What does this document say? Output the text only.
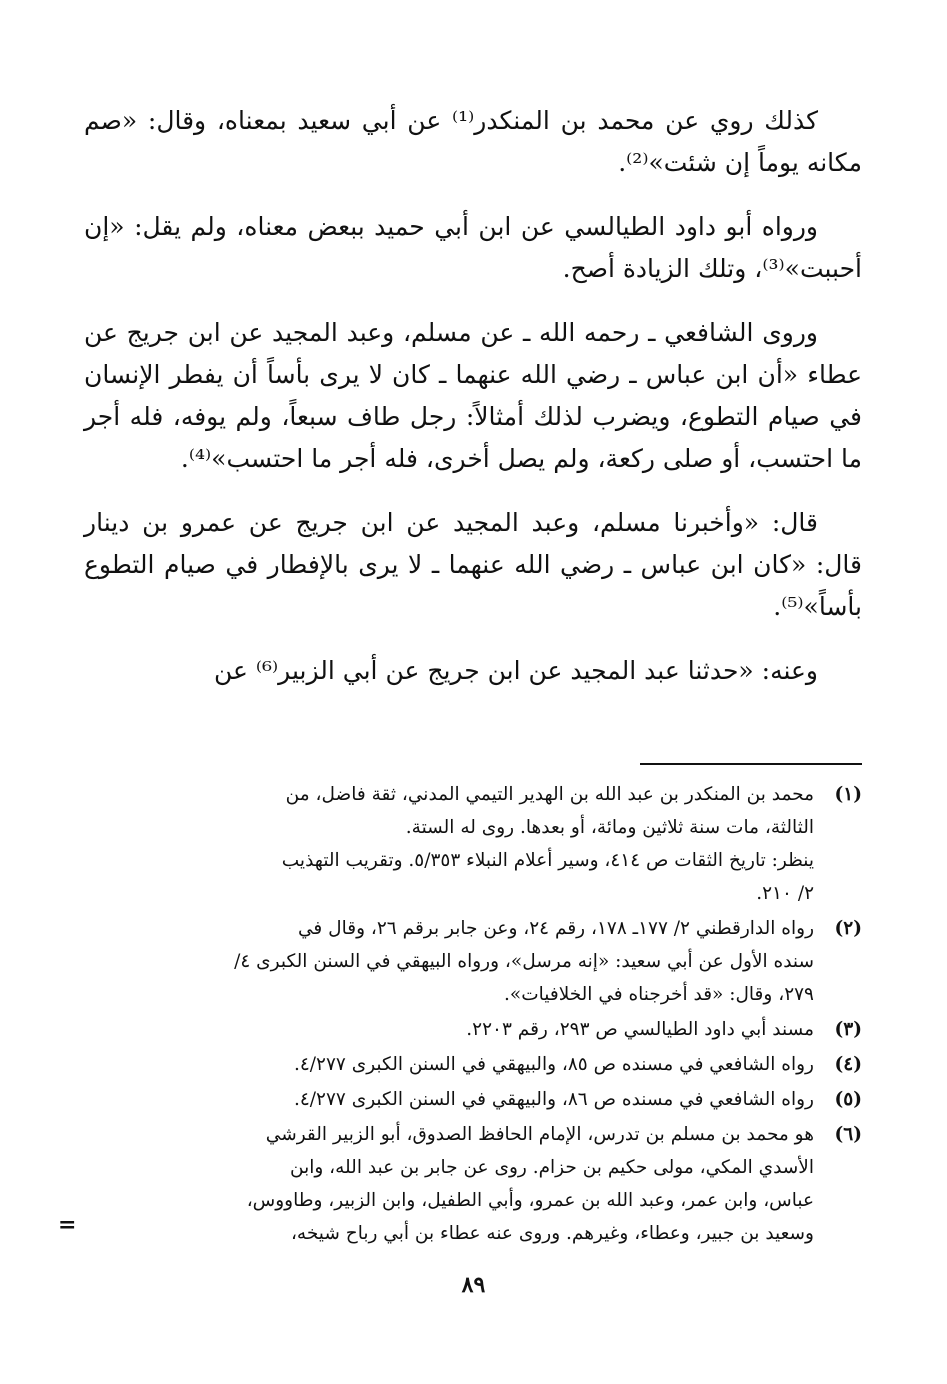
كذلك روي عن محمد بن المنكدر⁽¹⁾ عن أبي سعيد بمعناه، وقال: «صم مكانه يوماً إن شئت»⁽²⁾.

ورواه أبو داود الطيالسي عن ابن أبي حميد ببعض معناه، ولم يقل: «إن أحببت»⁽³⁾، وتلك الزيادة أصح.

وروى الشافعي ـ رحمه الله ـ عن مسلم، وعبد المجيد عن ابن جريج عن عطاء «أن ابن عباس ـ رضي الله عنهما ـ كان لا يرى بأساً أن يفطر الإنسان في صيام التطوع، ويضرب لذلك أمثالاً: رجل طاف سبعاً، ولم يوفه، فله أجر ما احتسب، أو صلى ركعة، ولم يصل أخرى، فله أجر ما احتسب»⁽⁴⁾.

قال: «وأخبرنا مسلم، وعبد المجيد عن ابن جريج عن عمرو بن دينار قال: «كان ابن عباس ـ رضي الله عنهما ـ لا يرى بالإفطار في صيام التطوع بأساً»⁽⁵⁾.

وعنه: «حدثنا عبد المجيد عن ابن جريج عن أبي الزبير⁽⁶⁾ عن

(١)
محمد بن المنكدر بن عبد الله بن الهدير التيمي المدني، ثقة فاضل، من
الثالثة، مات سنة ثلاثين ومائة، أو بعدها. روى له الستة.
ينظر: تاريخ الثقات ص ٤١٤، وسير أعلام النبلاء ٥/٣٥٣. وتقريب التهذيب
٢/ ٢١٠.
(٢)
رواه الدارقطني ٢/ ١٧٧ـ ١٧٨، رقم ٢٤، وعن جابر برقم ٢٦، وقال في
سنده الأول عن أبي سعيد: «إنه مرسل»، ورواه البيهقي في السنن الكبرى ٤/
٢٧٩، وقال: «قد أخرجناه في الخلافيات».
(٣)
مسند أبي داود الطيالسي ص ٢٩٣، رقم ٢٢٠٣.
(٤)
رواه الشافعي في مسنده ص ٨٥، والبيهقي في السنن الكبرى ٤/٢٧٧.
(٥)
رواه الشافعي في مسنده ص ٨٦، والبيهقي في السنن الكبرى ٤/٢٧٧.
(٦)
هو محمد بن مسلم بن تدرس، الإمام الحافظ الصدوق، أبو الزبير القرشي
الأسدي المكي، مولى حكيم بن حزام. روى عن جابر بن عبد الله، وابن
عباس، وابن عمر، وعبد الله بن عمرو، وأبي الطفيل، وابن الزبير، وطاووس،
وسعيد بن جبير، وعطاء، وغيرهم. وروى عنه عطاء بن أبي رباح شيخه،
=
٨٩
